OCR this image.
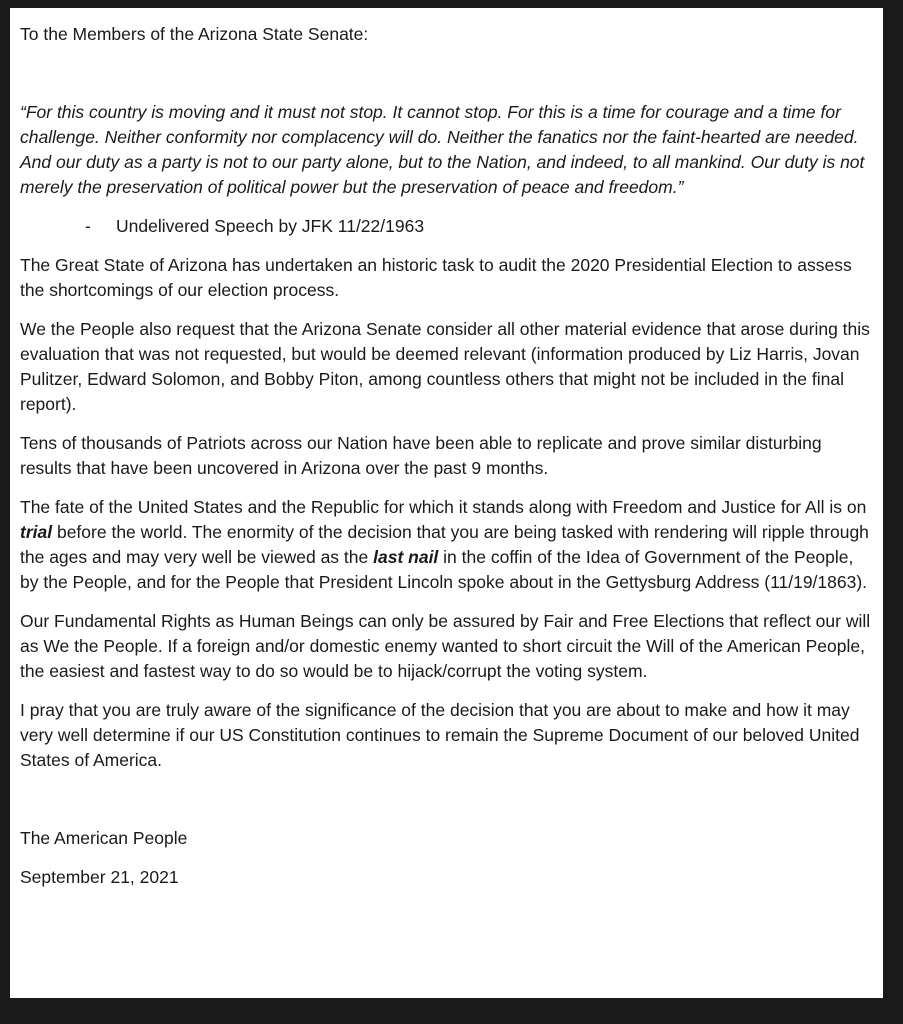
To the Members of the Arizona State Senate:

“For this country is moving and it must not stop. It cannot stop. For this is a time for courage and a time for challenge. Neither conformity nor complacency will do. Neither the fanatics nor the faint-hearted are needed. And our duty as a party is not to our party alone, but to the Nation, and indeed, to all mankind. Our duty is not merely the preservation of political power but the preservation of peace and freedom.”

- Undelivered Speech by JFK 11/22/1963

The Great State of Arizona has undertaken an historic task to audit the 2020 Presidential Election to assess the shortcomings of our election process.

We the People also request that the Arizona Senate consider all other material evidence that arose during this evaluation that was not requested, but would be deemed relevant (information produced by Liz Harris, Jovan Pulitzer, Edward Solomon, and Bobby Piton, among countless others that might not be included in the final report).

Tens of thousands of Patriots across our Nation have been able to replicate and prove similar disturbing results that have been uncovered in Arizona over the past 9 months.

The fate of the United States and the Republic for which it stands along with Freedom and Justice for All is on trial before the world. The enormity of the decision that you are being tasked with rendering will ripple through the ages and may very well be viewed as the last nail in the coffin of the Idea of Government of the People, by the People, and for the People that President Lincoln spoke about in the Gettysburg Address (11/19/1863).

Our Fundamental Rights as Human Beings can only be assured by Fair and Free Elections that reflect our will as We the People. If a foreign and/or domestic enemy wanted to short circuit the Will of the American People, the easiest and fastest way to do so would be to hijack/corrupt the voting system.

I pray that you are truly aware of the significance of the decision that you are about to make and how it may very well determine if our US Constitution continues to remain the Supreme Document of our beloved United States of America.

The American People

September 21, 2021
